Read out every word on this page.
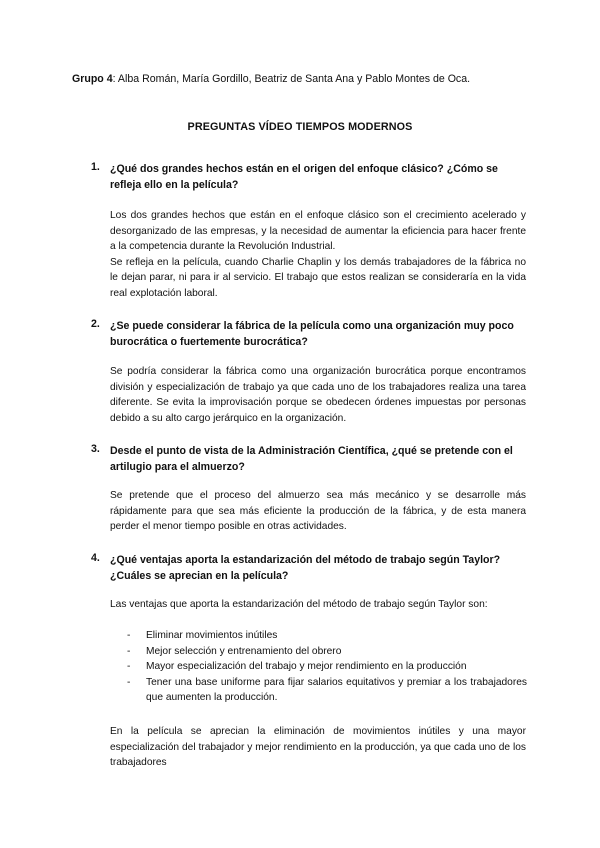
Grupo 4: Alba Román, María Gordillo, Beatriz de Santa Ana y Pablo Montes de Oca.
PREGUNTAS VÍDEO TIEMPOS MODERNOS
1. ¿Qué dos grandes hechos están en el origen del enfoque clásico? ¿Cómo se refleja ello en la película?

Los dos grandes hechos que están en el enfoque clásico son el crecimiento acelerado y desorganizado de las empresas, y la necesidad de aumentar la eficiencia para hacer frente a la competencia durante la Revolución Industrial.

Se refleja en la película, cuando Charlie Chaplin y los demás trabajadores de la fábrica no le dejan parar, ni para ir al servicio. El trabajo que estos realizan se consideraría en la vida real explotación laboral.

2. ¿Se puede considerar la fábrica de la película como una organización muy poco burocrática o fuertemente burocrática?

Se podría considerar la fábrica como una organización burocrática porque encontramos división y especialización de trabajo ya que cada uno de los trabajadores realiza una tarea diferente. Se evita la improvisación porque se obedecen órdenes impuestas por personas debido a su alto cargo jerárquico en la organización.

3. Desde el punto de vista de la Administración Científica, ¿qué se pretende con el artilugio para el almuerzo?

Se pretende que el proceso del almuerzo sea más mecánico y se desarrolle más rápidamente para que sea más eficiente la producción de la fábrica, y de esta manera perder el menor tiempo posible en otras actividades.

4. ¿Qué ventajas aporta la estandarización del método de trabajo según Taylor? ¿Cuáles se aprecian en la película?

Las ventajas que aporta la estandarización del método de trabajo según Taylor son:

- Eliminar movimientos inútiles
- Mejor selección y entrenamiento del obrero
- Mayor especialización del trabajo y mejor rendimiento en la producción
- Tener una base uniforme para fijar salarios equitativos y premiar a los trabajadores que aumenten la producción.

En la película se aprecian la eliminación de movimientos inútiles y una mayor especialización del trabajador y mejor rendimiento en la producción, ya que cada uno de los trabajadores
